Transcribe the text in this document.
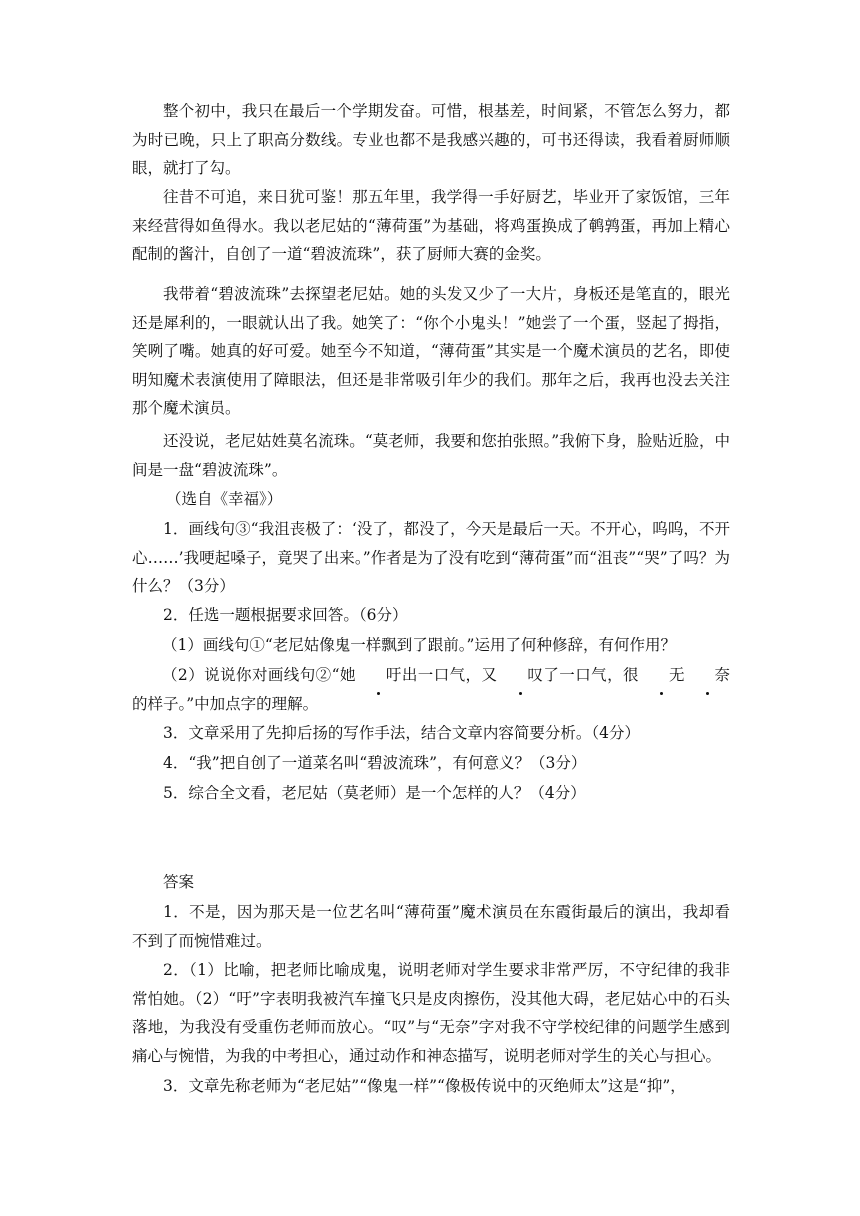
整个初中，我只在最后一个学期发奋。可惜，根基差，时间紧，不管怎么努力，都为时已晚，只上了职高分数线。专业也都不是我感兴趣的，可书还得读，我看着厨师顺眼，就打了勾。

往昔不可追，来日犹可鉴！那五年里，我学得一手好厨艺，毕业开了家饭馆，三年来经营得如鱼得水。我以老尼姑的“薄荷蛋”为基础，将鸡蛋换成了鹌鹑蛋，再加上精心配制的酱汁，自创了一道“碧波流珠”，获了厨师大赛的金奖。

我带着“碧波流珠”去探望老尼姑。她的头发又少了一大片，身板还是笔直的，眼光还是犀利的，一眼就认出了我。她笑了：“你个小鬼头！”她尝了一个蛋，竖起了拇指，笑咧了嘴。她真的好可爱。她至今不知道，“薄荷蛋”其实是一个魔术演员的艺名，即使明知魔术表演使用了障眼法，但还是非常吸引年少的我们。那年之后，我再也没去关注那个魔术演员。

还没说，老尼姑姓莫名流珠。“莫老师，我要和您拍张照。”我俯下身，脸贴近脸，中间是一盘“碧波流珠”。

（选自《幸福》）

1．画线句③“我沮丧极了：‘没了，都没了，今天是最后一天。不开心，呜呜，不开心……’我哽起嗓子，竟哭了出来。”作者是为了没有吃到“薄荷蛋”而“沮丧”“哭”了吗？为什么？（3分）

2．任选一题根据要求回答。（6分）

（1）画线句①“老尼姑像鬼一样飘到了跟前。”运用了何种修辞，有何作用？

（2）说说你对画线句②“她 吁出一口气，又 叹了一口气，很 无 奈的样子。”中加点字的理解。

3．文章采用了先抑后扬的写作手法，结合文章内容简要分析。（4分）

4．“我”把自创了一道菜名叫“碧波流珠”，有何意义？（3分）

5．综合全文看，老尼姑（莫老师）是一个怎样的人？（4分）

答案

1．不是，因为那天是一位艺名叫“薄荷蛋”魔术演员在东霞街最后的演出，我却看不到了而惋惜难过。

2．（1）比喻，把老师比喻成鬼，说明老师对学生要求非常严厉，不守纪律的我非常怕她。（2）“吁”字表明我被汽车撞飞只是皮肉擦伤，没其他大碍，老尼姑心中的石头落地，为我没有受重伤老师而放心。“叹”与“无奈”字对我不守学校纪律的问题学生感到痛心与惋惜，为我的中考担心，通过动作和神态描写，说明老师对学生的关心与担心。

3．文章先称老师为“老尼姑”“像鬼一样”“像极传说中的灭绝师太”这是“抑”，
